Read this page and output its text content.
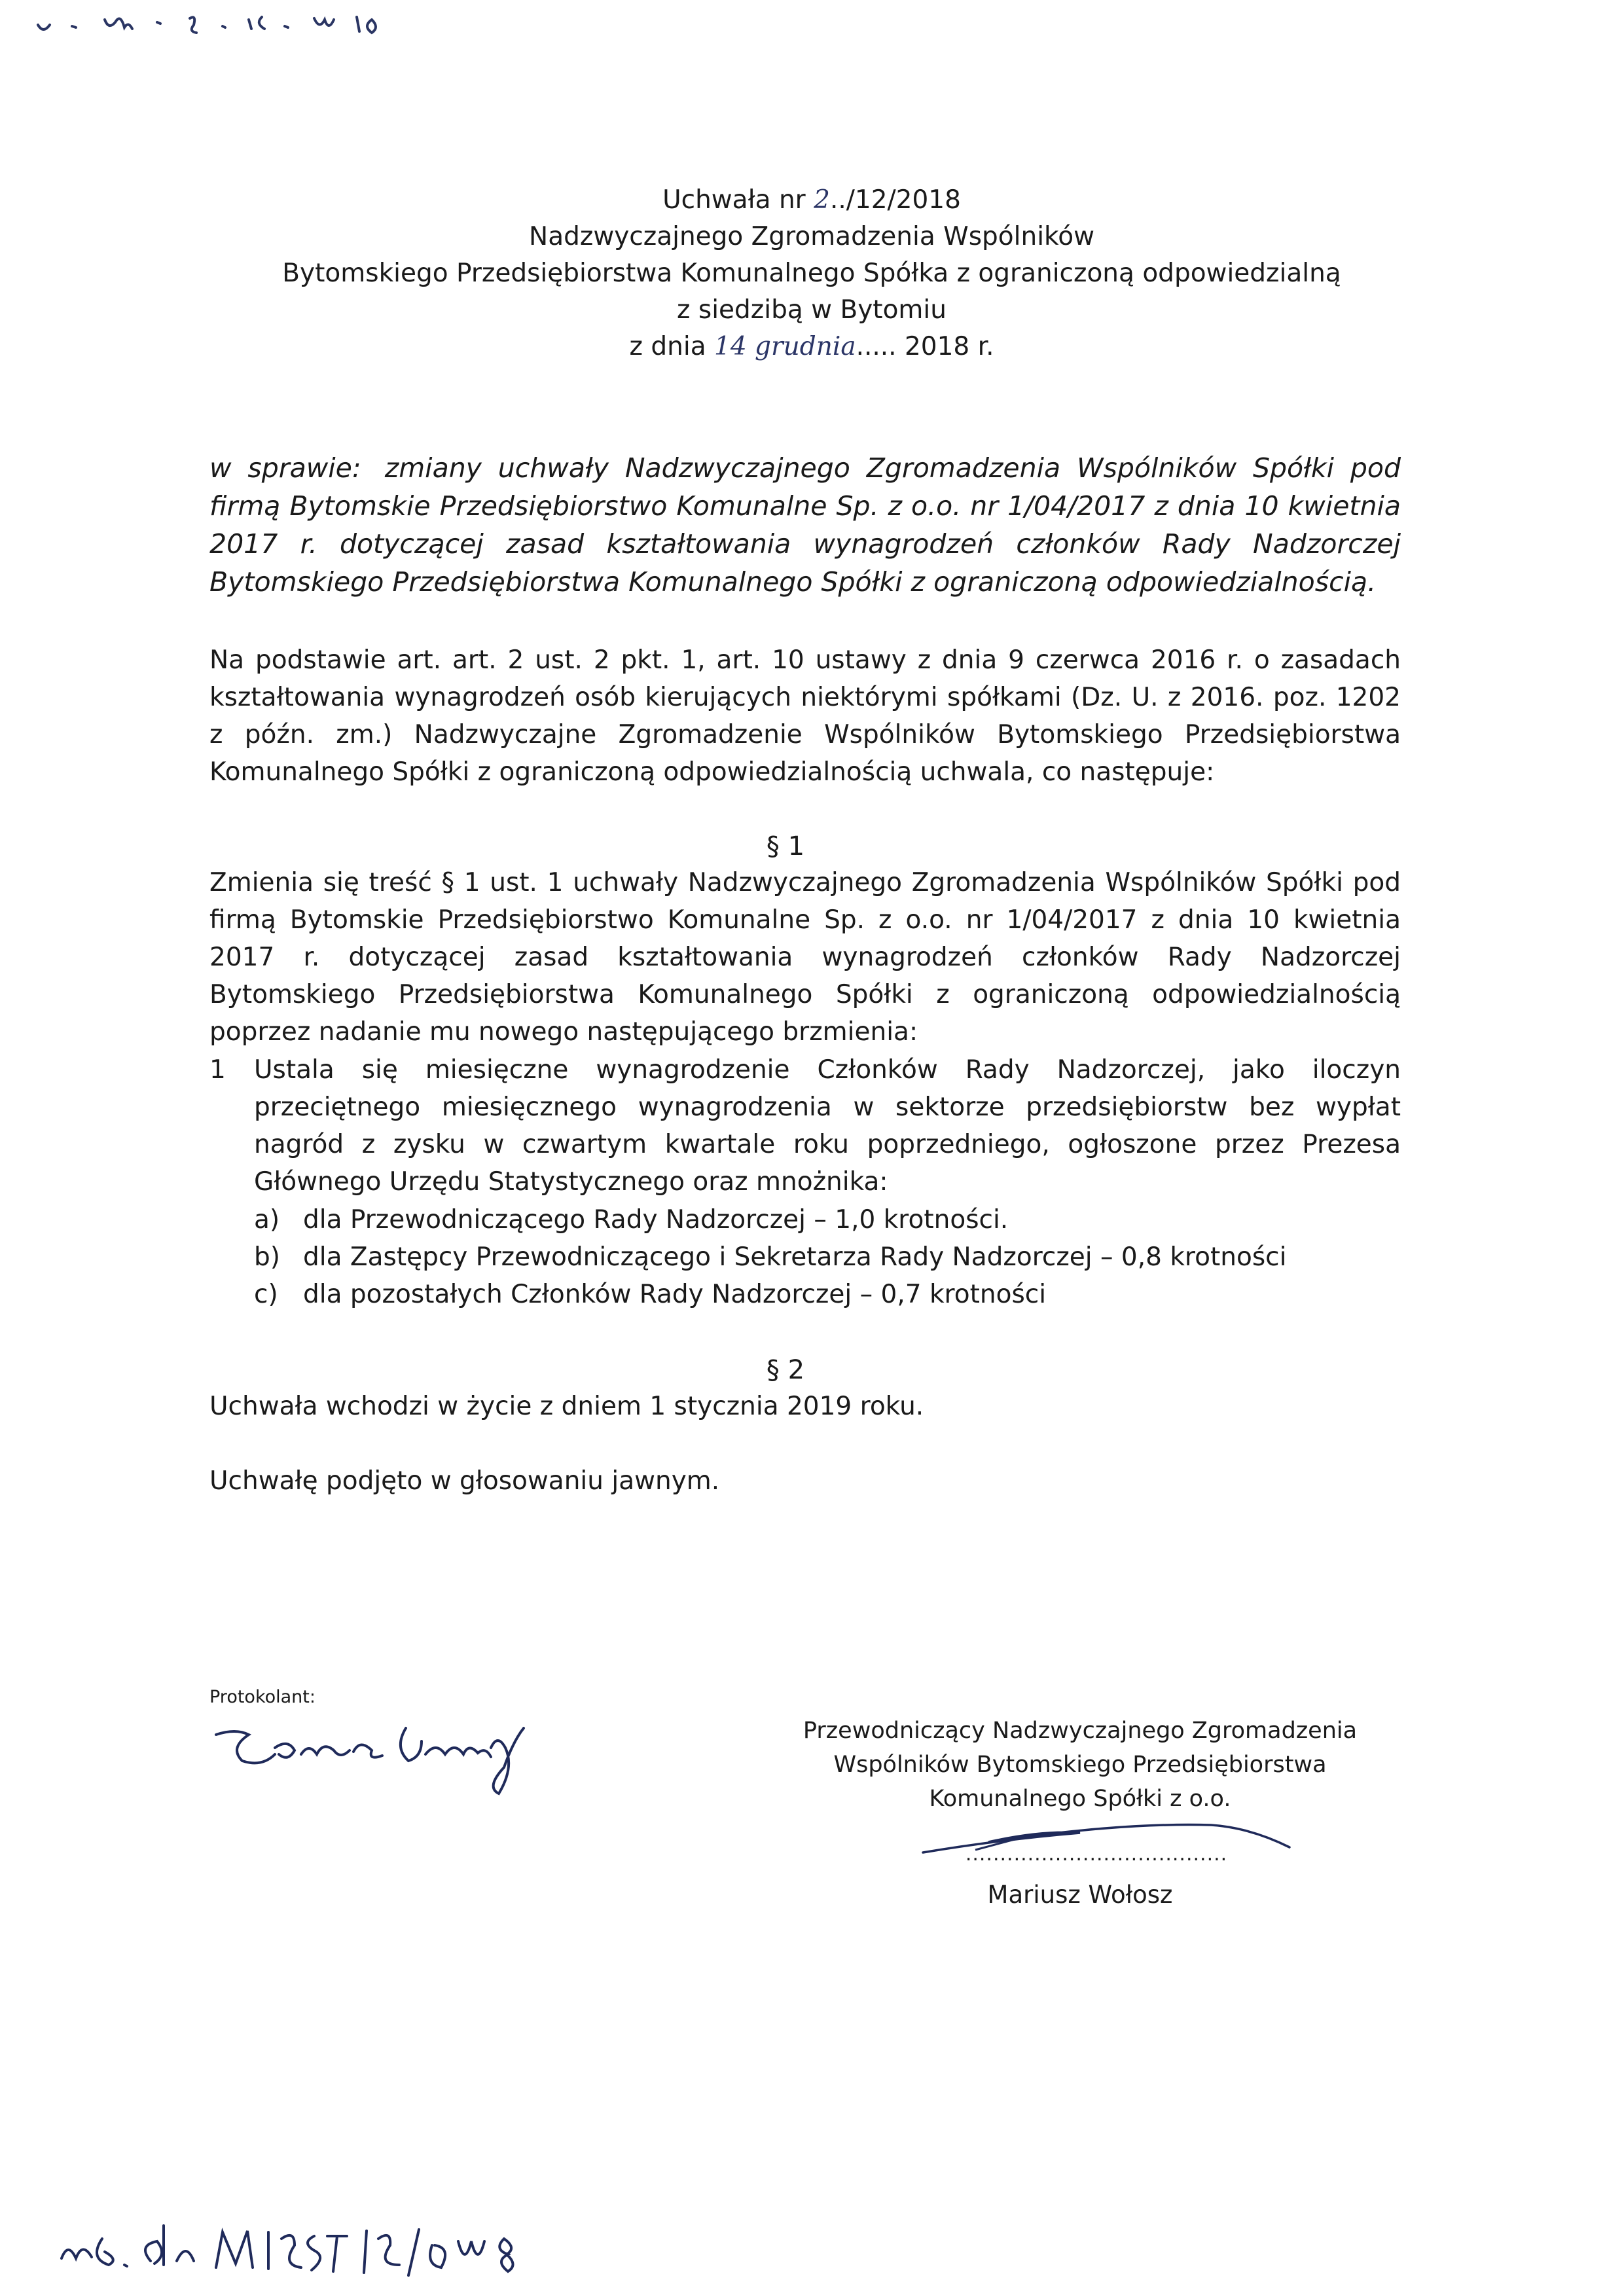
Uchwała nr 2../12/2018
Nadzwyczajnego Zgromadzenia Wspólników
Bytomskiego Przedsiębiorstwa Komunalnego Spółka z ograniczoną odpowiedzialną
z siedzibą w Bytomiu
z dnia 14 grudnia..... 2018 r.
w sprawie: zmiany uchwały Nadzwyczajnego Zgromadzenia Wspólników Spółki pod firmą Bytomskie Przedsiębiorstwo Komunalne Sp. z o.o. nr 1/04/2017 z dnia 10 kwietnia 2017 r. dotyczącej zasad kształtowania wynagrodzeń członków Rady Nadzorczej Bytomskiego Przedsiębiorstwa Komunalnego Spółki z ograniczoną odpowiedzialnością.
Na podstawie art. art. 2 ust. 2 pkt. 1, art. 10 ustawy z dnia 9 czerwca 2016 r. o zasadach kształtowania wynagrodzeń osób kierujących niektórymi spółkami (Dz. U. z 2016. poz. 1202 z późn. zm.) Nadzwyczajne Zgromadzenie Wspólników Bytomskiego Przedsiębiorstwa Komunalnego Spółki z ograniczoną odpowiedzialnością uchwala, co następuje:
§ 1
Zmienia się treść § 1 ust. 1 uchwały Nadzwyczajnego Zgromadzenia Wspólników Spółki pod firmą Bytomskie Przedsiębiorstwo Komunalne Sp. z o.o. nr 1/04/2017 z dnia 10 kwietnia 2017 r. dotyczącej zasad kształtowania wynagrodzeń członków Rady Nadzorczej Bytomskiego Przedsiębiorstwa Komunalnego Spółki z ograniczoną odpowiedzialnością poprzez nadanie mu nowego następującego brzmienia:
1	Ustala się miesięczne wynagrodzenie Członków Rady Nadzorczej, jako iloczyn przeciętnego miesięcznego wynagrodzenia w sektorze przedsiębiorstw bez wypłat nagród z zysku w czwartym kwartale roku poprzedniego, ogłoszone przez Prezesa Głównego Urzędu Statystycznego oraz mnożnika:
a) dla Przewodniczącego Rady Nadzorczej – 1,0 krotności.
b) dla Zastępcy Przewodniczącego i Sekretarza Rady Nadzorczej – 0,8 krotności
c) dla pozostałych Członków Rady Nadzorczej – 0,7 krotności
§ 2
Uchwała wchodzi w życie z dniem 1 stycznia 2019 roku.
Uchwałę podjęto w głosowaniu jawnym.
Protokolant:
Przewodniczący Nadzwyczajnego Zgromadzenia
Wspólników Bytomskiego Przedsiębiorstwa
Komunalnego Spółki z o.o.
......................................
Mariusz Wołosz
